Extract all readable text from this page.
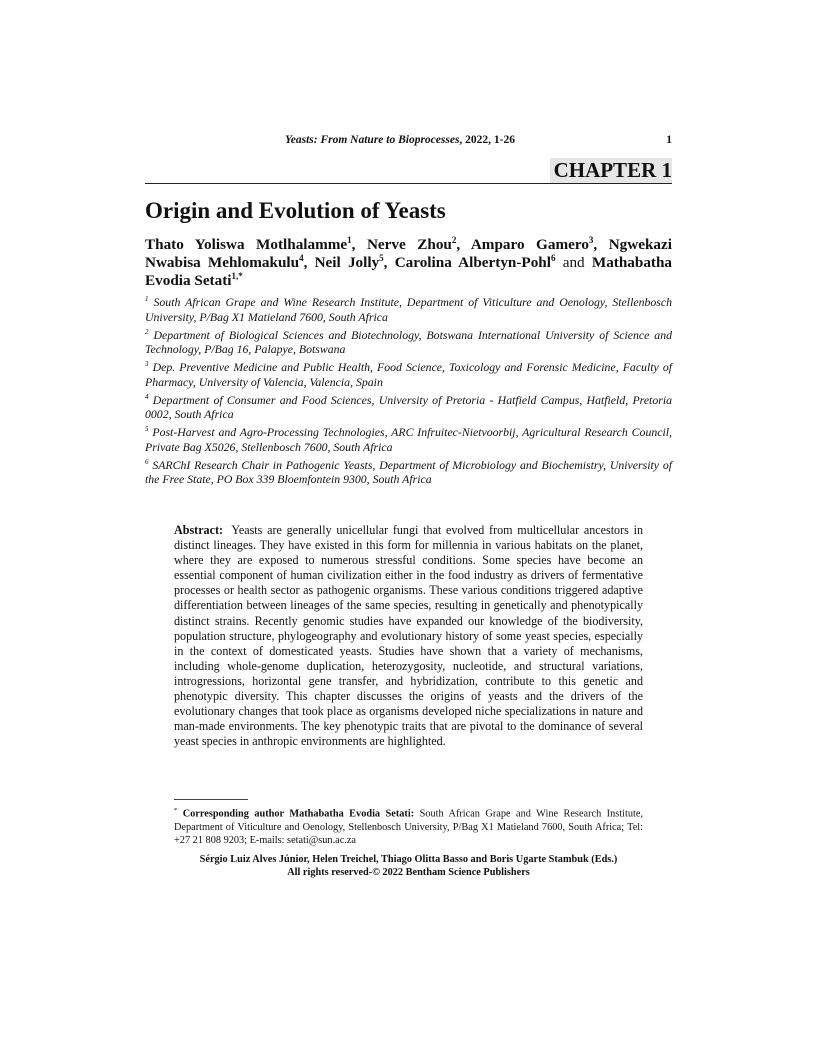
Yeasts: From Nature to Bioprocesses, 2022, 1-26	1
CHAPTER 1
Origin and Evolution of Yeasts
Thato Yoliswa Motlhalamme$^1$, Nerve Zhou$^2$, Amparo Gamero$^3$, Ngwekazi Nwabisa Mehlomakulu$^4$, Neil Jolly$^5$, Carolina Albertyn-Pohl$^6$ and Mathabatha Evodia Setati$^{1,*}$
$^1$ South African Grape and Wine Research Institute, Department of Viticulture and Oenology, Stellenbosch University, P/Bag X1 Matieland 7600, South Africa
$^2$ Department of Biological Sciences and Biotechnology, Botswana International University of Science and Technology, P/Bag 16, Palapye, Botswana
$^3$ Dep. Preventive Medicine and Public Health, Food Science, Toxicology and Forensic Medicine, Faculty of Pharmacy, University of Valencia, Valencia, Spain
$^4$ Department of Consumer and Food Sciences, University of Pretoria - Hatfield Campus, Hatfield, Pretoria 0002, South Africa
$^5$ Post-Harvest and Agro-Processing Technologies, ARC Infruitec-Nietvoorbij, Agricultural Research Council, Private Bag X5026, Stellenbosch 7600, South Africa
$^6$ SARChI Research Chair in Pathogenic Yeasts, Department of Microbiology and Biochemistry, University of the Free State, PO Box 339 Bloemfontein 9300, South Africa
Abstract: Yeasts are generally unicellular fungi that evolved from multicellular ancestors in distinct lineages. They have existed in this form for millennia in various habitats on the planet, where they are exposed to numerous stressful conditions. Some species have become an essential component of human civilization either in the food industry as drivers of fermentative processes or health sector as pathogenic organisms. These various conditions triggered adaptive differentiation between lineages of the same species, resulting in genetically and phenotypically distinct strains. Recently genomic studies have expanded our knowledge of the biodiversity, population structure, phylogeography and evolutionary history of some yeast species, especially in the context of domesticated yeasts. Studies have shown that a variety of mechanisms, including whole-genome duplication, heterozygosity, nucleotide, and structural variations, introgressions, horizontal gene transfer, and hybridization, contribute to this genetic and phenotypic diversity. This chapter discusses the origins of yeasts and the drivers of the evolutionary changes that took place as organisms developed niche specializations in nature and man-made environments. The key phenotypic traits that are pivotal to the dominance of several yeast species in anthropic environments are highlighted.
* Corresponding author Mathabatha Evodia Setati: South African Grape and Wine Research Institute, Department of Viticulture and Oenology, Stellenbosch University, P/Bag X1 Matieland 7600, South Africa; Tel: +27 21 808 9203; E-mails: setati@sun.ac.za
Sérgio Luiz Alves Júnior, Helen Treichel, Thiago Olitta Basso and Boris Ugarte Stambuk (Eds.)
All rights reserved-© 2022 Bentham Science Publishers
